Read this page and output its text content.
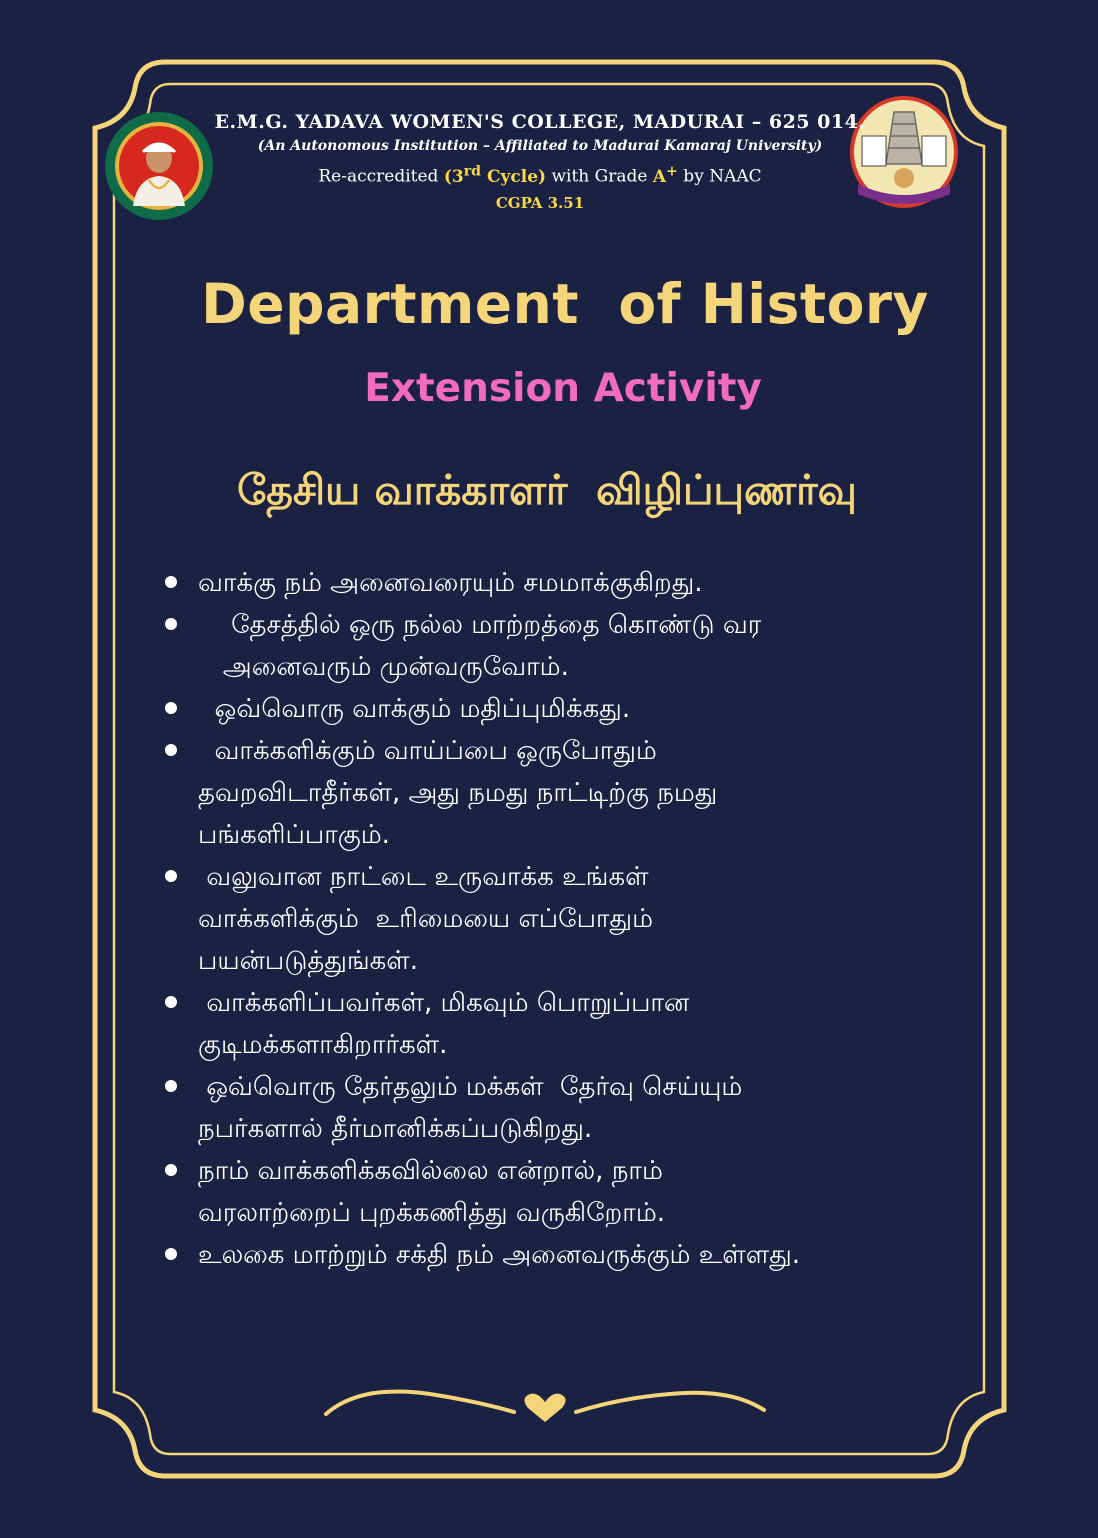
E.M.G. YADAVA WOMEN'S COLLEGE, MADURAI – 625 014.
(An Autonomous Institution – Affiliated to Madurai Kamaraj University)
Re-accredited (3rd Cycle) with Grade A+ by NAAC
CGPA 3.51
Department  of History
Extension Activity
தேசிய வாக்காளர்  விழிப்புணர்வு
வாக்கு நம் அனைவரையும் சமமாக்குகிறது.
தேசத்தில் ஒரு நல்ல மாற்றத்தை கொண்டு வர
அனைவரும் முன்வருவோம்.
ஒவ்வொரு வாக்கும் மதிப்புமிக்கது.
வாக்களிக்கும் வாய்ப்பை ஒருபோதும்
தவறவிடாதீர்கள், அது நமது நாட்டிற்கு நமது
பங்களிப்பாகும்.
வலுவான நாட்டை உருவாக்க உங்கள்
வாக்களிக்கும்  உரிமையை எப்போதும்
பயன்படுத்துங்கள்.
வாக்களிப்பவர்கள், மிகவும் பொறுப்பான
குடிமக்களாகிறார்கள்.
ஒவ்வொரு தேர்தலும் மக்கள்  தேர்வு செய்யும்
நபர்களால் தீர்மானிக்கப்படுகிறது.
நாம் வாக்களிக்கவில்லை என்றால், நாம்
வரலாற்றைப் புறக்கணித்து வருகிறோம்.
உலகை மாற்றும் சக்தி நம் அனைவருக்கும் உள்ளது.
